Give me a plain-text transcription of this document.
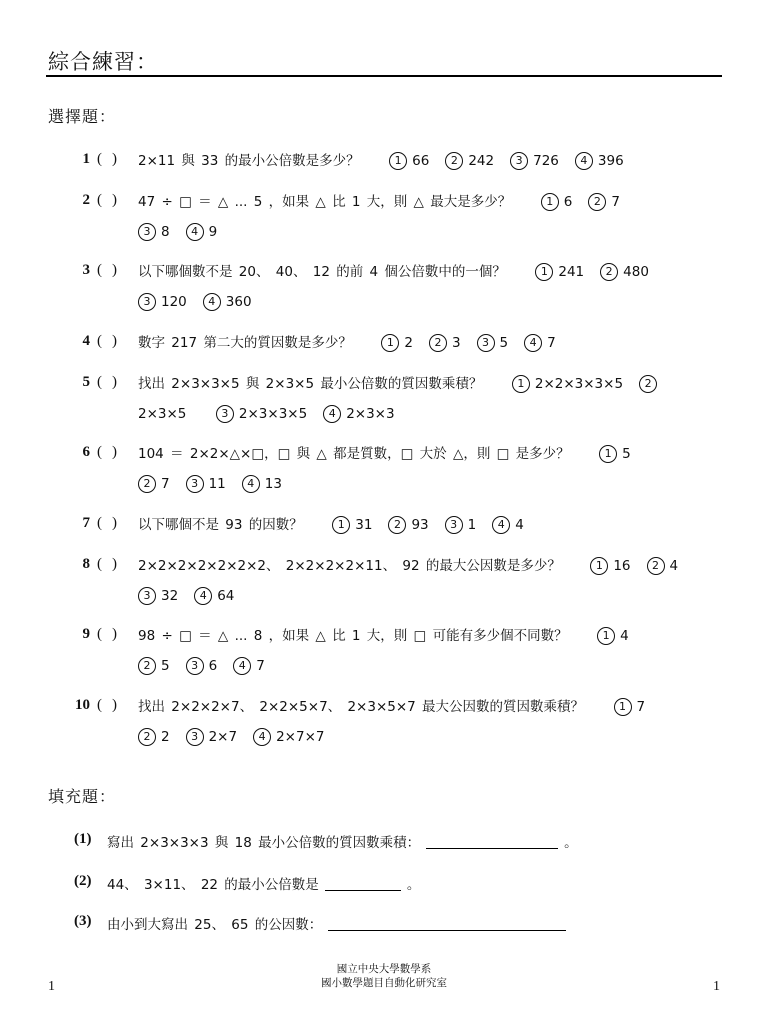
綜合練習：
選擇題：
1 ( ) 2×11 與 33 的最小公倍數是多少？ 	1 66 2 242 3 726 4 396
2 ( ) 47 ÷ □ ＝ △ ... 5 ，如果 △ 比 1 大，則 △ 最大是多少？ 	1 6 2 7
3 8 4 9
3 ( ) 以下哪個數不是 20、 40、 12 的前 4 個公倍數中的一個？ 	1 241 2 480
3 120 4 360
4 ( ) 數字 217 第二大的質因數是多少？ 	1 2 2 3 3 5 4 7
5 ( ) 找出 2×3×3×5 與 2×3×5 最小公倍數的質因數乘積？ 	1 2×2×3×3×5 2
2×3×5 	3 2×3×3×5 4 2×3×3
6 ( ) 104 ＝ 2×2×△×□，□ 與 △ 都是質數，□ 大於 △，則 □ 是多少？ 	1 5
2 7 3 11 4 13
7 ( ) 以下哪個不是 93 的因數？ 	1 31 2 93 3 1 4 4
8 ( ) 2×2×2×2×2×2×2、 2×2×2×2×11、 92 的最大公因數是多少？ 	1 16 2 4
3 32 4 64
9 ( ) 98 ÷ □ ＝ △ ... 8 ，如果 △ 比 1 大，則 □ 可能有多少個不同數？ 	1 4
2 5 3 6 4 7
10 ( ) 找出 2×2×2×7、 2×2×5×7、 2×3×5×7 最大公因數的質因數乘積？ 	1 7
2 2 3 2×7 4 2×7×7
填充題：
(1) 寫出 2×3×3×3 與 18 最小公倍數的質因數乘積：	。
(2) 44、 3×11、 22 的最小公倍數是	。
(3) 由小到大寫出 25、 65 的公因數：
國立中央大學數學系
國小數學題目自動化研究室
1	1
